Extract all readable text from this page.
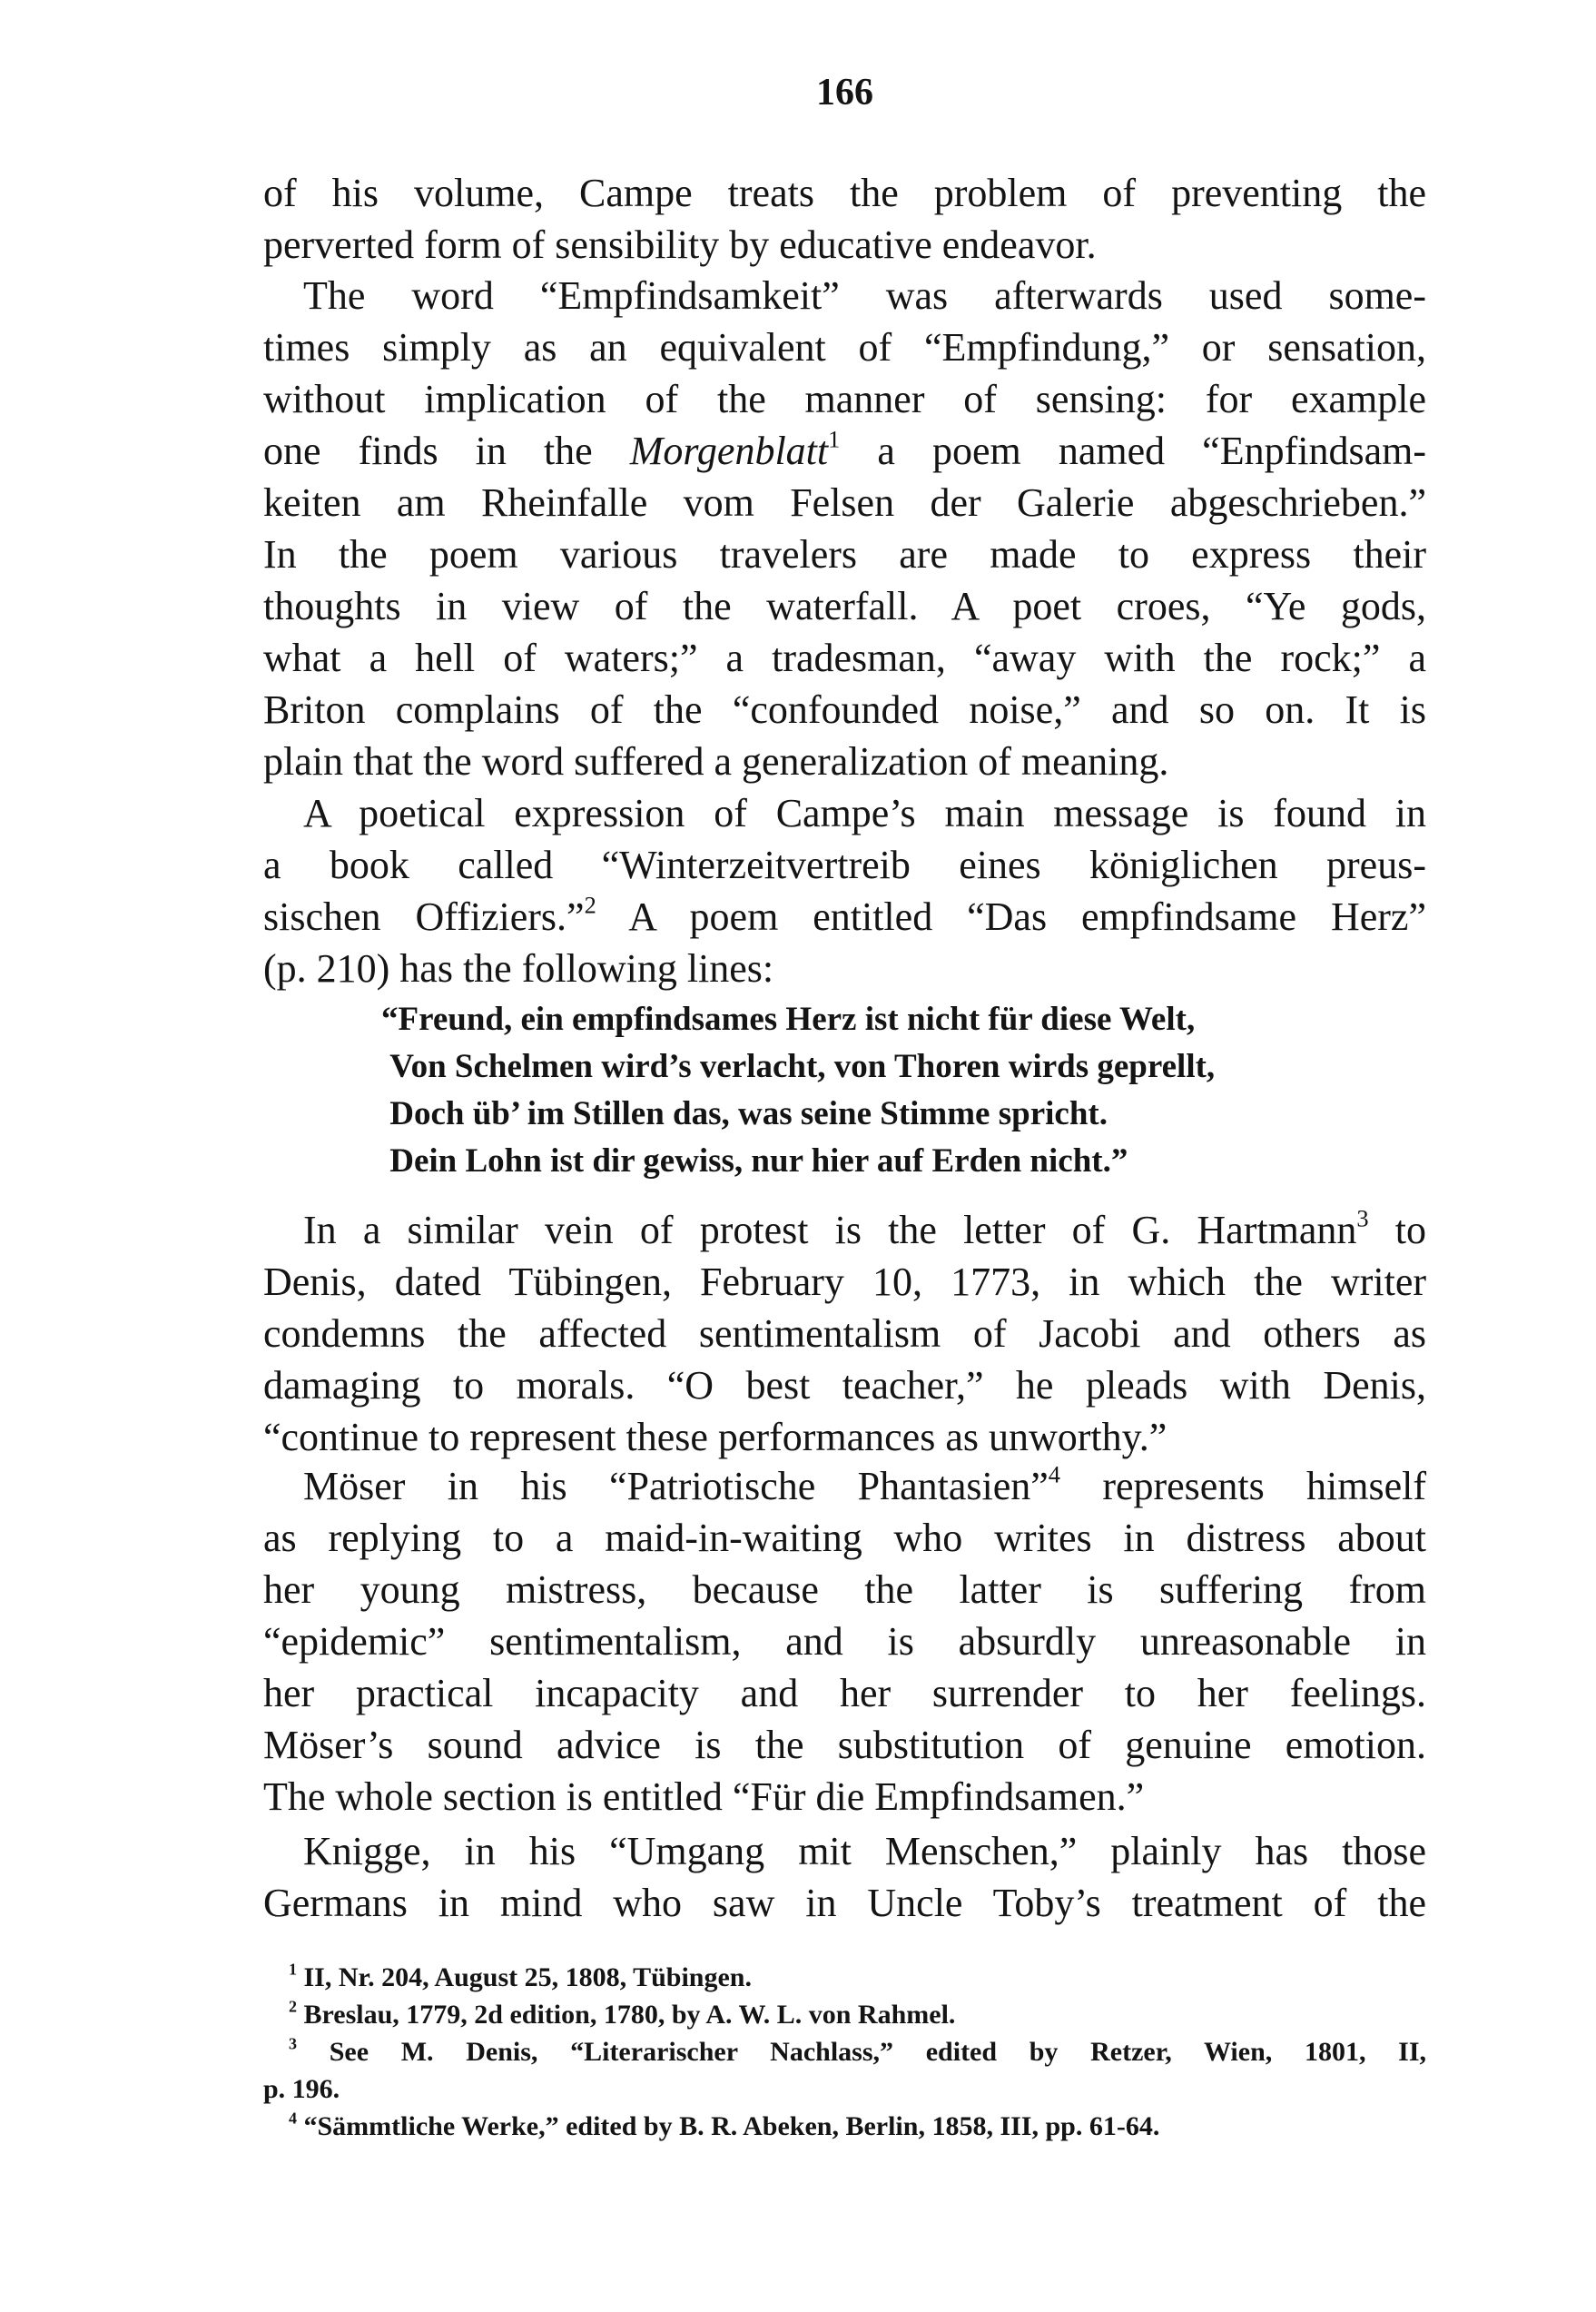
166
of his volume, Campe treats the problem of preventing the
perverted form of sensibility by educative endeavor.
The word “Empfindsamkeit” was afterwards used some-
times simply as an equivalent of “Empfindung,” or sensation,
without implication of the manner of sensing: for example
one finds in the Morgenblatt$^1$ a poem named “Enpfindsam-
keiten am Rheinfalle vom Felsen der Galerie abgeschrieben.”
In the poem various travelers are made to express their
thoughts in view of the waterfall. A poet croes, “Ye gods,
what a hell of waters;” a tradesman, “away with the rock;” a
Briton complains of the “confounded noise,” and so on. It is
plain that the word suffered a generalization of meaning.
A poetical expression of Campe’s main message is found in
a book called “Winterzeitvertreib eines königlichen preus-
sischen Offiziers.”$^2$ A poem entitled “Das empfindsame Herz”
(p. 210) has the following lines:
“Freund, ein empfindsames Herz ist nicht für diese Welt,
Von Schelmen wird’s verlacht, von Thoren wirds geprellt,
Doch üb’ im Stillen das, was seine Stimme spricht.
Dein Lohn ist dir gewiss, nur hier auf Erden nicht.”
In a similar vein of protest is the letter of G. Hartmann$^3$ to
Denis, dated Tübingen, February 10, 1773, in which the writer
condemns the affected sentimentalism of Jacobi and others as
damaging to morals. “O best teacher,” he pleads with Denis,
“continue to represent these performances as unworthy.”
Möser in his “Patriotische Phantasien”$^4$ represents himself
as replying to a maid-in-waiting who writes in distress about
her young mistress, because the latter is suffering from
“epidemic” sentimentalism, and is absurdly unreasonable in
her practical incapacity and her surrender to her feelings.
Möser’s sound advice is the substitution of genuine emotion.
The whole section is entitled “Für die Empfindsamen.”
Knigge, in his “Umgang mit Menschen,” plainly has those
Germans in mind who saw in Uncle Toby’s treatment of the
$^1$ II, Nr. 204, August 25, 1808, Tübingen.
$^2$ Breslau, 1779, 2d edition, 1780, by A. W. L. von Rahmel.
$^3$ See M. Denis, “Literarischer Nachlass,” edited by Retzer, Wien, 1801, II,
p. 196.
$^4$ “Sämmtliche Werke,” edited by B. R. Abeken, Berlin, 1858, III, pp. 61-64.
